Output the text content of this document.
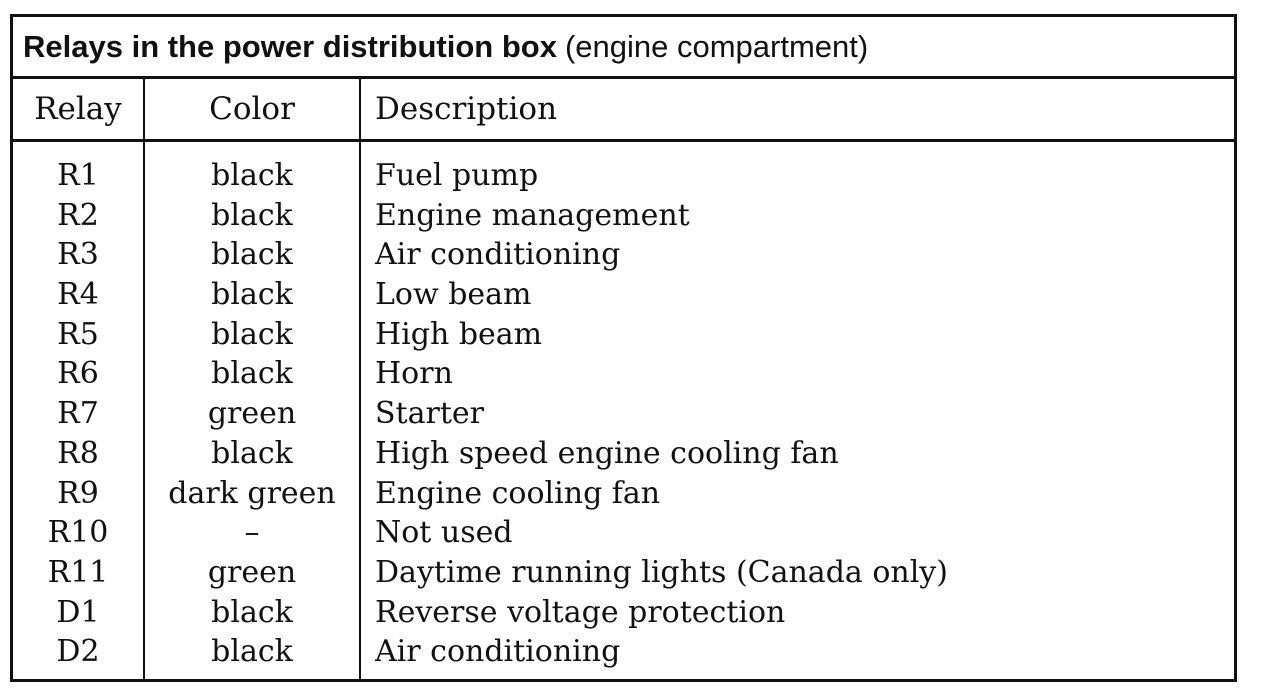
Relays in the power distribution box (engine compartment)
Relay	Color	Description
R1
R2
R3
R4
R5
R6
R7
R8
R9
R10
R11
D1
D2
black
black
black
black
black
black
green
black
dark green
–
green
black
black
Fuel pump
Engine management
Air conditioning
Low beam
High beam
Horn
Starter
High speed engine cooling fan
Engine cooling fan
Not used
Daytime running lights (Canada only)
Reverse voltage protection
Air conditioning
